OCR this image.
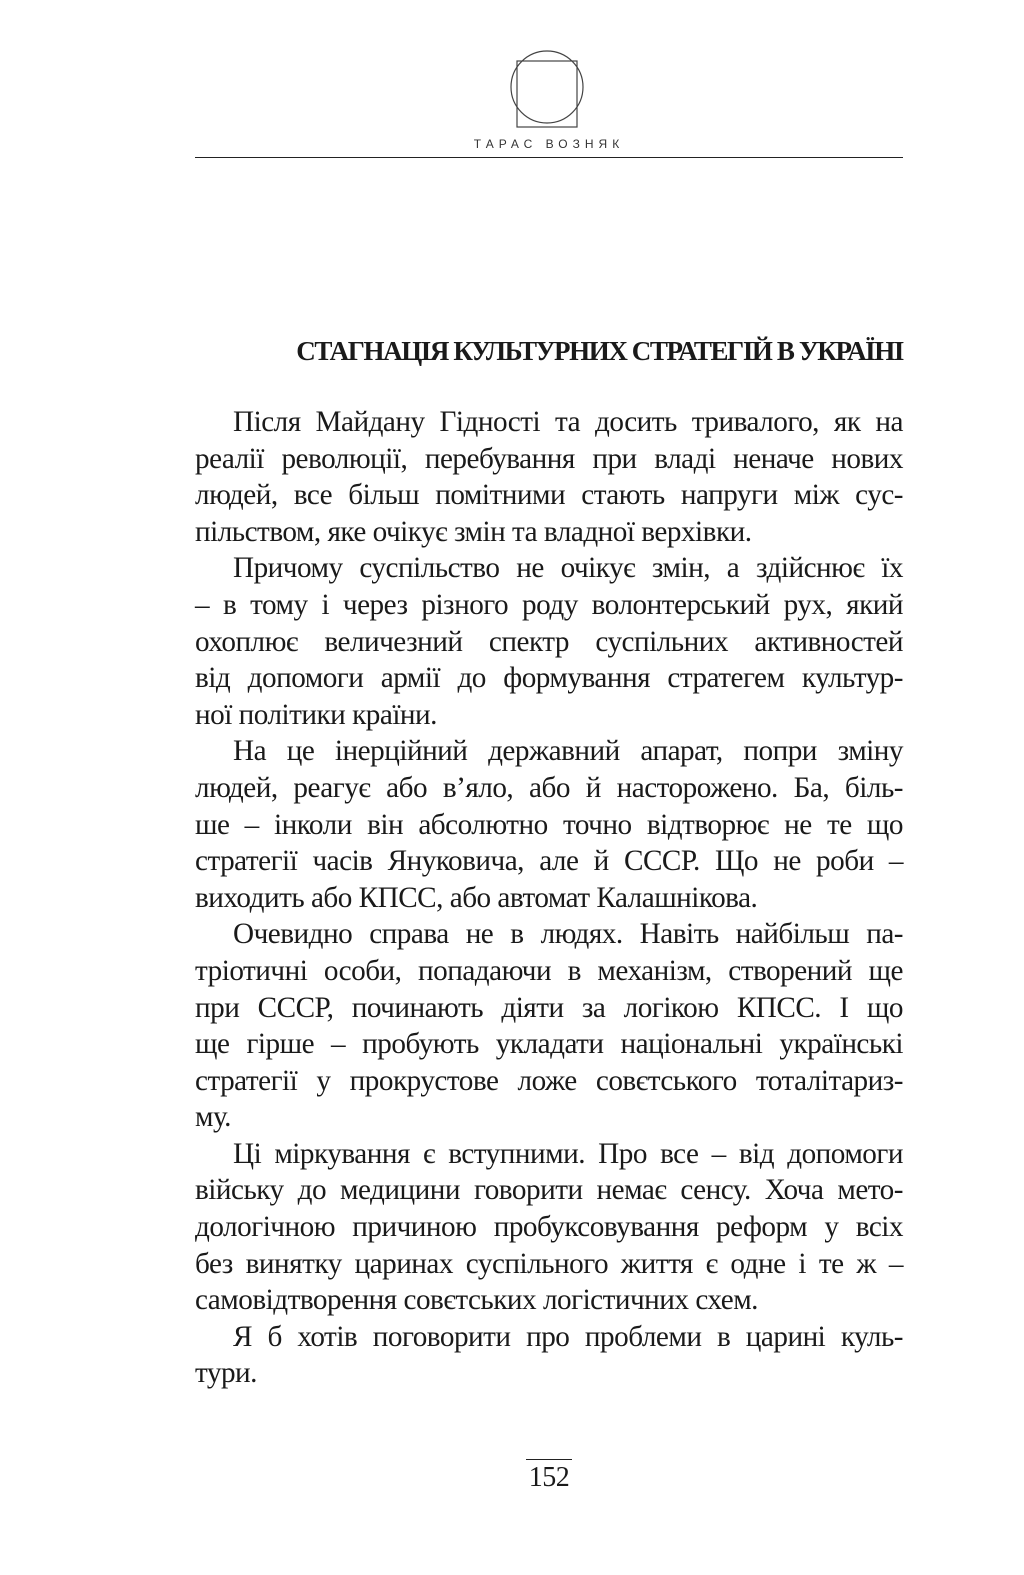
ТАРАС ВОЗНЯК
СТАГНАЦІЯ КУЛЬТУРНИХ СТРАТЕГІЙ В УКРАЇНІ
Після Майдану Гідності та досить тривалого, як на
реалії революції, перебування при владі неначе нових
людей, все більш помітними стають напруги між сус-
пільством, яке очікує змін та владної верхівки.
Причому суспільство не очікує змін, а здійснює їх
– в тому і через різного роду волонтерський рух, який
охоплює величезний спектр суспільних активностей
від допомоги армії до формування стратегем культур-
ної політики країни.
На це інерційний державний апарат, попри зміну
людей, реагує або в’яло, або й настороженo. Ба, біль-
ше – інколи він абсолютно точно відтворює не те що
стратегії часів Януковича, але й СССР. Що не роби –
виходить або КПСС, або автомат Калашнікова.
Очевидно справа не в людях. Навіть найбільш па-
тріотичні особи, попадаючи в механізм, створений ще
при СССР, починають діяти за логікою КПСС. І що
ще гірше – пробують укладати національні українські
стратегії у прокрустове ложе совєтського тоталітариз-
му.
Ці міркування є вступними. Про все – від допомоги
війську до медицини говорити немає сенсу. Хоча мето-
дологічною причиною пробуксовування реформ у всіх
без винятку царинах суспільного життя є одне і те ж –
самовідтворення совєтських логістичних схем.
Я б хотів поговорити про проблеми в царині куль-
тури.
152
